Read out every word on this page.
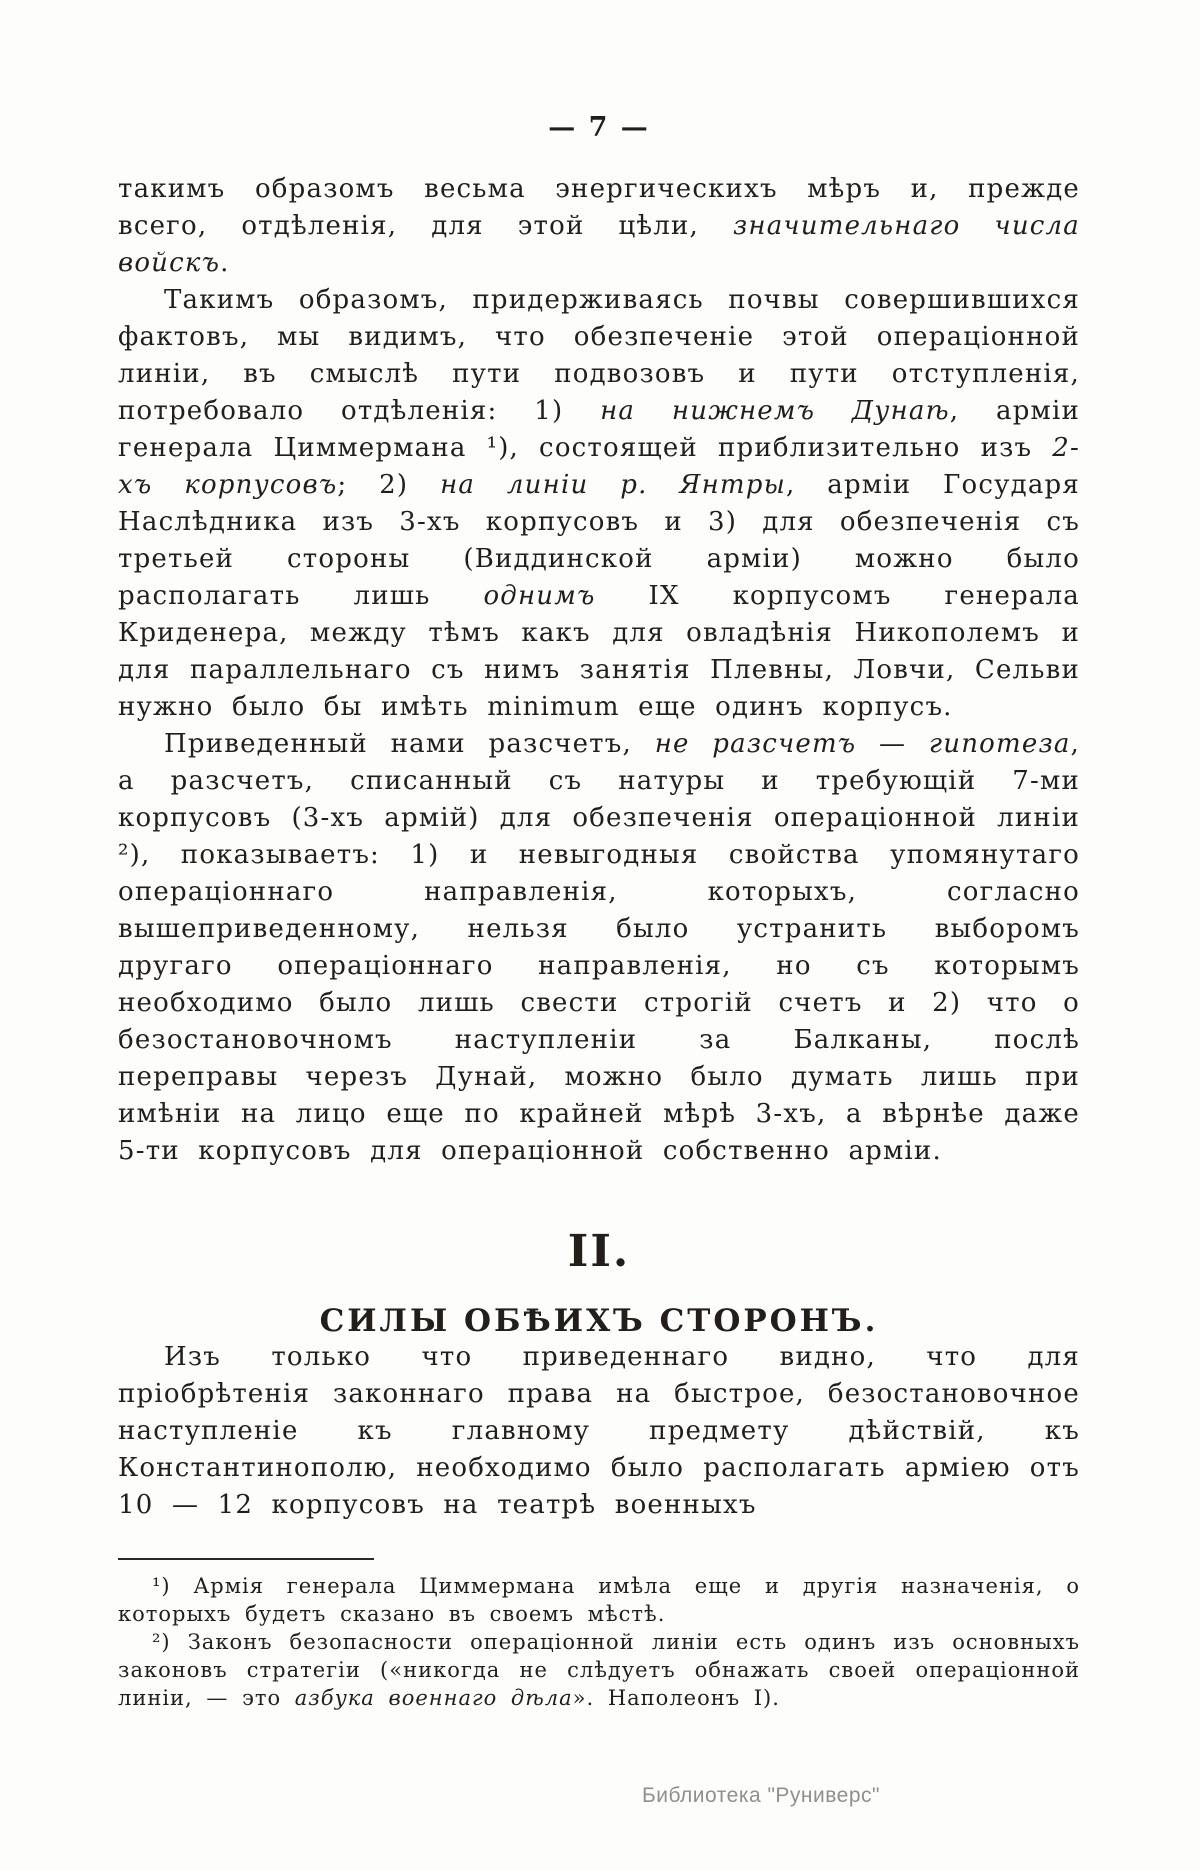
— 7 —

такимъ образомъ весьма энергическихъ мѣръ и, прежде всего, отдѣленія, для этой цѣли, значительнаго числа войскъ.

Такимъ образомъ, придерживаясь почвы совершившихся фактовъ, мы видимъ, что обезпеченіе этой операціонной линіи, въ смыслѣ пути подвозовъ и пути отступленія, потребовало отдѣленія: 1) на нижнемъ Дунаѣ, арміи генерала Циммермана ¹), состоящей приблизительно изъ 2-хъ корпусовъ; 2) на линіи р. Янтры, арміи Государя Наслѣдника изъ 3-хъ корпусовъ и 3) для обезпеченія съ третьей стороны (Виддинской арміи) можно было располагать лишь однимъ IX корпусомъ генерала Криденера, между тѣмъ какъ для овладѣнія Никополемъ и для параллельнаго съ нимъ занятія Плевны, Ловчи, Сельви нужно было бы имѣть minimum еще одинъ корпусъ.

Приведенный нами разсчетъ, не разсчетъ — гипотеза, а разсчетъ, списанный съ натуры и требующій 7-ми корпусовъ (3-хъ армій) для обезпеченія операціонной линіи ²), показываетъ: 1) и невыгодныя свойства упомянутаго операціоннаго направленія, которыхъ, согласно вышеприведенному, нельзя было устранить выборомъ другаго операціоннаго направленія, но съ которымъ необходимо было лишь свести строгій счетъ и 2) что о безостановочномъ наступленіи за Балканы, послѣ переправы черезъ Дунай, можно было думать лишь при имѣніи на лицо еще по крайней мѣрѣ 3-хъ, а вѣрнѣе даже 5-ти корпусовъ для операціонной собственно арміи.

II.
СИЛЫ ОБѢИХЪ СТОРОНЪ.

Изъ только что приведеннаго видно, что для пріобрѣтенія законнаго права на быстрое, безостановочное наступленіе къ главному предмету дѣйствій, къ Константинополю, необходимо было располагать арміею отъ 10 — 12 корпусовъ на театрѣ военныхъ

¹) Армія генерала Циммермана имѣла еще и другія назначенія, о которыхъ будетъ сказано въ своемъ мѣстѣ.

²) Законъ безопасности операціонной линіи есть одинъ изъ основныхъ законовъ стратегіи («никогда не слѣдуетъ обнажать своей операціонной линіи, — это азбука военнаго дѣла». Наполеонъ I).

Библиотека "Руниверс"
